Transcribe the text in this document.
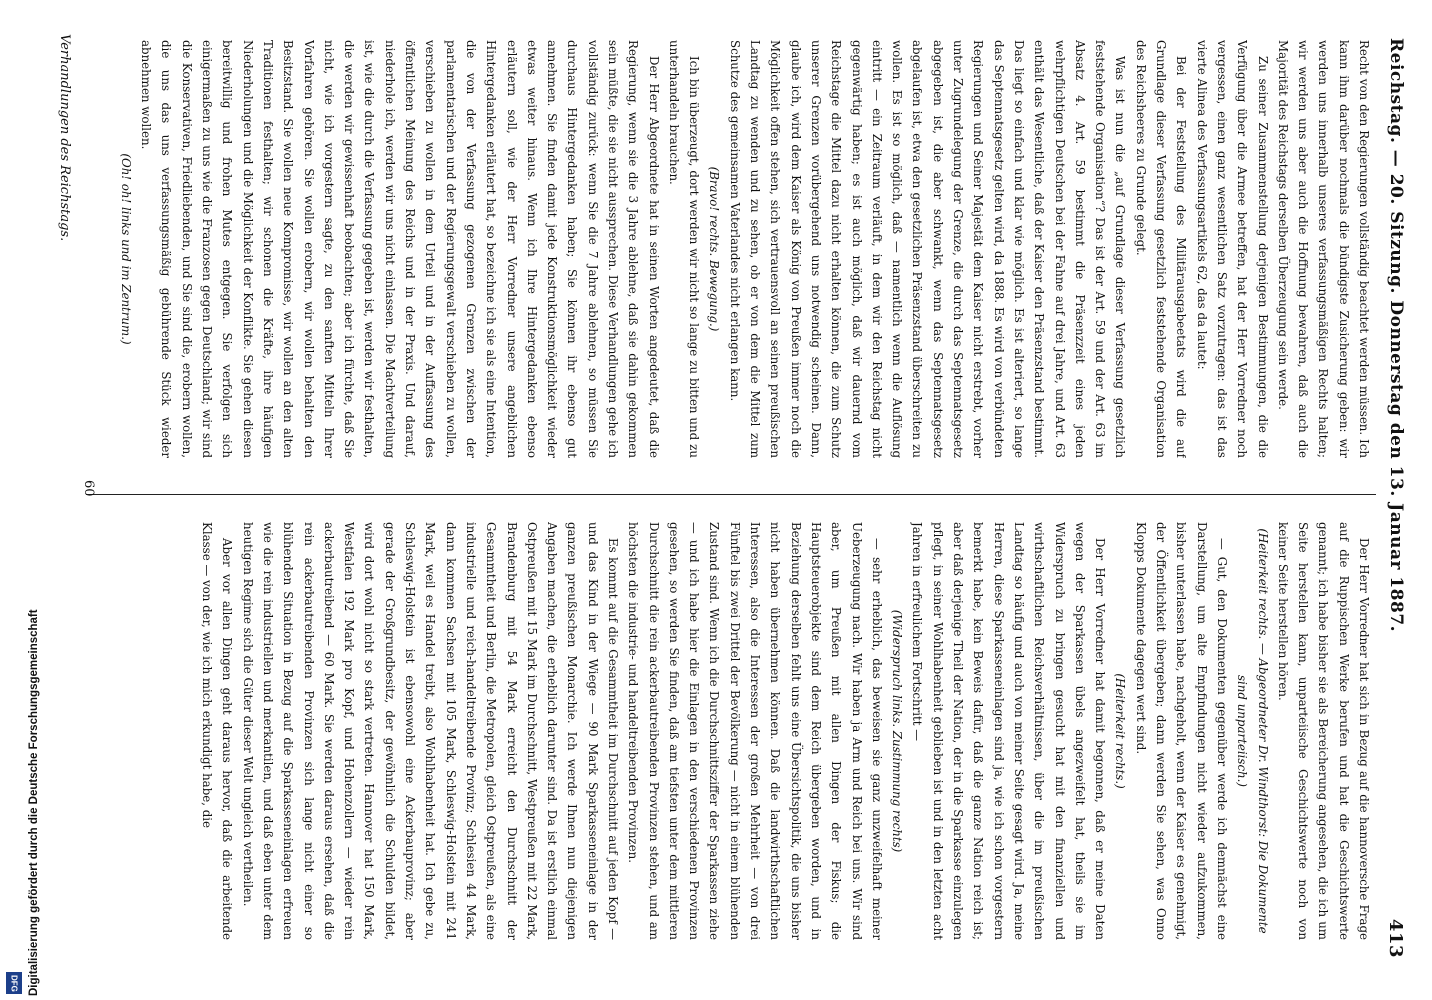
Reichstag. — 20. Sitzung. Donnerstag den 13. Januar 1887.
413

Recht von den Regierungen vollständig beachtet werden müssen. Ich kann ihm darüber nochmals die bündigste Zusicherung geben: wir werden uns innerhalb unseres verfassungsmäßigen Rechts halten; wir werden uns aber auch die Hoffnung bewahren, daß auch die Majorität des Reichstags derselben Überzeugung sein werde.

Zu seiner Zusammenstellung derjenigen Bestimmungen, die die Verfügung über die Armee betreffen, hat der Herr Vorredner noch vergessen, einen ganz wesentlichen Satz vorzutragen: das ist das vierte Alinea des Verfassungsartikels 62, das da lautet:

Bei der Feststellung des Militärausgabeetats wird die auf Grundlage dieser Verfassung gesetzlich feststehende Organisation des Reichsheeres zu Grunde gelegt.

Was ist nun die „auf Grundlage dieser Verfassung gesetzlich feststehende Organisation“? Das ist der Art. 59 und der Art. 63 im Absatz 4. Art. 59 bestimmt die Präsenzzeit eines jeden wehrpflichtigen Deutschen bei der Fahne auf drei Jahre, und Art. 63 enthält das Wesentliche, daß der Kaiser den Präsenzstand bestimmt. Das liegt so einfach und klar wie möglich. Es ist alteriert, so lange das Septennatsgesetz gelten wird, da 1888. Es wird von verbündeten Regierungen und Seiner Majestät dem Kaiser nicht erstrebt, vorher unter Zugrundelegung der Grenze, die durch das Septennatsgesetz abgegeben ist, die aber schwankt, wenn das Septennatsgesetz abgelaufen ist, etwa den gesetzlichen Präsenzstand überschreiten zu wollen. Es ist so möglich, daß — namentlich wenn die Auflösung eintritt — ein Zeitraum verläuft, in dem wir den Reichstag nicht gegenwärtig haben; es ist auch möglich, daß wir dauernd vom Reichstage die Mittel dazu nicht erhalten können, die zum Schutz unserer Grenzen vorübergehend uns notwendig scheinen. Dann, glaube ich, wird dem Kaiser als König von Preußen immer noch die Möglichkeit offen stehen, sich vertrauensvoll an seinen preußischen Landtag zu wenden und zu sehen, ob er von dem die Mittel zum Schutze des gemeinsamen Vaterlandes nicht erlangen kann.

(Bravo! rechts. Bewegung.)

Ich bin überzeugt, dort werden wir nicht so lange zu bitten und zu unterhandeln brauchen.

Der Herr Abgeordnete hat in seinen Worten angedeutet, daß die Regierung, wenn sie die 3 Jahre ablehne, daß sie dahin gekommen sein müßte, die sie nicht aussprechen. Diese Verhandlungen gehe ich vollständig zurück: wenn Sie die 7 Jahre ablehnen, so müssen Sie durchaus Hintergedanken haben; Sie können ihr ebenso gut annehmen. Sie finden damit jede Konstruktionsmöglichkeit wieder etwas weiter hinaus. Wenn ich Ihre Hintergedanken ebenso erläutern soll, wie der Herr Vorredner unsere angeblichen Hintergedanken erläutert hat, so bezeichne ich sie als eine Intention, die von der Verfassung gezogenen Grenzen zwischen der parlamentarischen und der Regierungsgewalt verschieben zu wollen, verschieben zu wollen in dem Urteil und in der Auffassung des öffentlichen Meinung des Reichs und in der Praxis. Und darauf, niederhole ich, werden wir uns nicht einlassen. Die Machtverteilung ist, wie die durch die Verfassung gegeben ist, werden wir festhalten, die werden wir gewissenhaft beobachten; aber ich fürchte, daß Sie nicht, wie ich vorgestern sagte, zu den sanften Mitteln Ihrer Vorfahren gehören. Sie wollen erobern, wir wollen behalten den Besitzstand. Sie wollen neue Kompromisse, wir wollen an den alten Traditionen festhalten; wir schonen die Kräfte, ihre häufigen Niederholungen und die Möglichkeit der Konflikte. Sie gehen diesen bereitwillig und frohen Mutes entgegen. Sie verfolgen sich einigermaßen zu uns wie die Franzosen gegen Deutschland; wir sind die Konservativen, Friedliebenden, und Sie sind die, erobern wollen, die uns das uns verfassungsmäßig gebührende Stück wieder abnehmen wollen.

(Oh! oh! links und im Zentrum.)

Der Herr Vorredner hat sich in Bezug auf die hannoversche Frage auf die Ruppischen Werke berufen und hat die Geschichtswerte genannt; ich habe bisher sie als Bereicherung angesehen, die ich um Seite herstellen kann, unparteiische Geschichtswerte noch von keiner Seite herstellen hören.

(Heiterkeit rechts. — Abgeordneter Dr. Windthorst: Die Dokumente sind unparteiisch.)

— Gut, den Dokumenten gegenüber werde ich demnächst eine Darstellung, um alte Empfindungen nicht wieder aufzukommen, bisher unterlassen habe, nachgeholt, wenn der Kaiser es genehmigt, der Öffentlichkeit übergeben; dann werden Sie sehen, was Onno Klopps Dokumente dagegen wert sind.

(Heiterkeit rechts.)

Der Herr Vorredner hat damit begonnen, daß er meine Daten wegen der Sparkassen übels angezweifelt hat, theils sie im Widerspruch zu bringen gesucht hat mit den finanziellen und wirthschaftlichen Reichsverhältnissen, über die im preußischen Landtag so häufig und auch von meiner Seite gesagt wird. Ja, meine Herren, diese Sparkasseneinlagen sind ja, wie ich schon vorgestern bemerkt habe, kein Beweis dafür, daß die ganze Nation reich ist; aber daß derjenige Theil der Nation, der in die Sparkasse einzulegen pflegt, in seiner Wohlhabenheit geblieben ist und in den letzten acht Jahren in erfreulichem Fortschritt —

(Widerspruch links. Zustimmung rechts)

— sehr erheblich, das beweisen sie ganz unzweifelhaft meiner Ueberzeugung nach. Wir haben ja Arm und Reich bei uns. Wir sind aber, um Preußen mit allen Dingen der Fiskus; die Hauptsteuerobjekte sind dem Reich übergeben worden, und in Beziehung derselben fehlt uns eine Übersichtspolitik, die uns bisher nicht haben übernehmen können. Daß die landwirthschaftlichen Interessen, also die Interessen der großen Mehrheit — von drei Fünftel bis zwei Drittel der Bevölkerung — nicht in einem blühenden Zustand sind. Wenn ich die Durchschnittsziffer der Sparkassen ziehe — und ich habe hier die Einlagen in den verschiedenen Provinzen gesehen, so werden Sie finden, daß am tiefsten unter dem mittleren Durchschnitt die rein ackerbautreibenden Provinzen stehen, und am höchsten die industrie- und handeltreibenden Provinzen.

Es kommt auf die Gesammtheit im Durchschnitt auf jeden Kopf — und das Kind in der Wiege — 90 Mark Sparkasseneinlage in der ganzen preußischen Monarchie. Ich werde Ihnen nun diejenigen Angaben machen, die erheblich darunter sind. Da ist erstlich einmal Ostpreußen mit 15 Mark im Durchschnitt, Westpreußen mit 22 Mark, Brandenburg mit 54 Mark erreicht den Durchschnitt der Gesammtheit und Berlin, die Metropolen, gleich Ostpreußen, als eine industrielle und reich-handeltreibende Provinz; Schlesien 44 Mark, dann kommen Sachsen mit 105 Mark, Schleswig-Holstein mit 241 Mark, weil es Handel treibt, also Wohlhabenheit hat. Ich gebe zu, Schleswig-Holstein ist ebensowohl eine Ackerbauprovinz; aber gerade der Großgrundbesitz, der gewöhnlich die Schulden bildet, wird dort wohl nicht so stark vertreten. Hannover hat 150 Mark, Westfalen 192 Mark pro Kopf, und Hohenzollern — wieder rein ackerbautreibend — 60 Mark. Sie werden daraus ersehen, daß die rein ackerbautreibenden Provinzen sich lange nicht einer so blühenden Situation in Bezug auf die Sparkasseneinlagen erfreuen wie die rein industriellen und merkantilen, und daß eben unter dem heutigen Regime sich die Güter dieser Welt ungleich vertheilen.

Aber vor allen Dingen geht daraus hervor, daß die arbeitende Klasse — von der, wie ich mich erkundigt habe, die

60
Verhandlungen des Reichstags.
Digitalisierung gefördert durch die Deutsche Forschungsgemeinschaft
DFG
